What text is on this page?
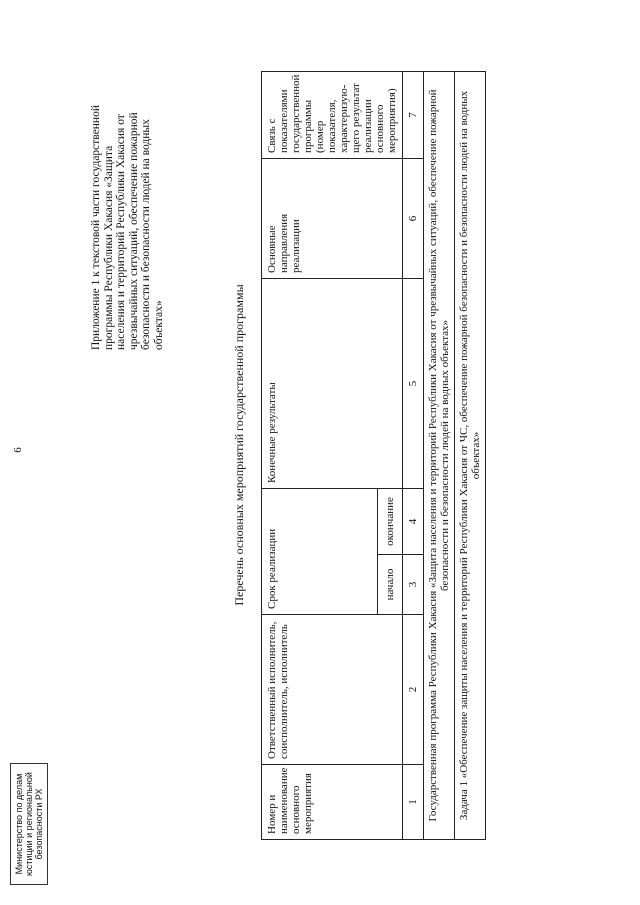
6
Приложение 1 к текстовой части государственной программы Республики Хакасия «Защита населения и территорий Республики Хакасия от чрезвычайных ситуаций, обеспечение пожарной безопасности и безопасности людей на водных объектах»	Перечень основных мероприятий государственной программы
Номер и наименование основного мероприятия	Ответственный исполнитель, соисполнитель, исполнитель	Срок реализации		Конечные результаты	Основные направления реализации	Связь с показателями государственной программы (номер показателя, характеризую-щего результат реализации основного мероприятия)
		начало	окончание			
1	2	3	4	5	6	7
Государственная программа Республики Хакасия «Защита населения и территорий Республики Хакасия от чрезвычайных ситуаций, обеспечение пожарной безопасности и безопасности людей на водных объектах»						
Задача 1 «Обеспечение защиты населения и территорий Республики Хакасия от ЧС, обеспечение пожарной безопасности и безопасности людей на водных объектах»						
Министерство по делам юстиции и региональной безопасности РХ
